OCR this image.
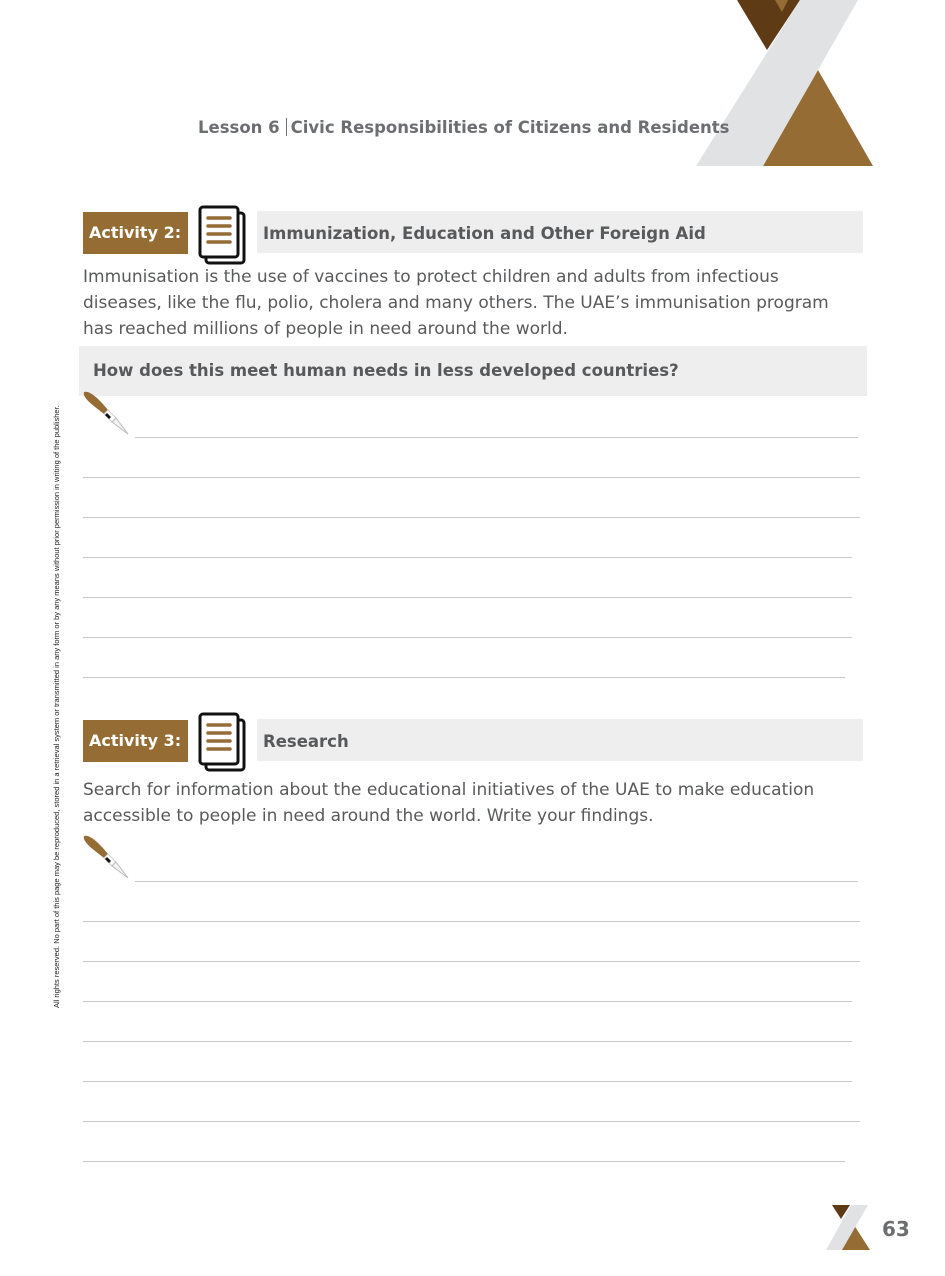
Lesson 6 Civic Responsibilities of Citizens and Residents
All rights reserved. No part of this page may be reproduced, stored in a retrieval system or transmitted in any form or by any means without prior permission in writing of the publisher.
Activity 2:	Immunization, Education and Other Foreign Aid
Immunisation is the use of vaccines to protect children and adults from infectious diseases, like the flu, polio, cholera and many others. The UAE’s immunisation program has reached millions of people in need around the world.
How does this meet human needs in less developed countries?
Activity 3:	Research
Search for information about the educational initiatives of the UAE to make education accessible to people in need around the world. Write your findings.
63
